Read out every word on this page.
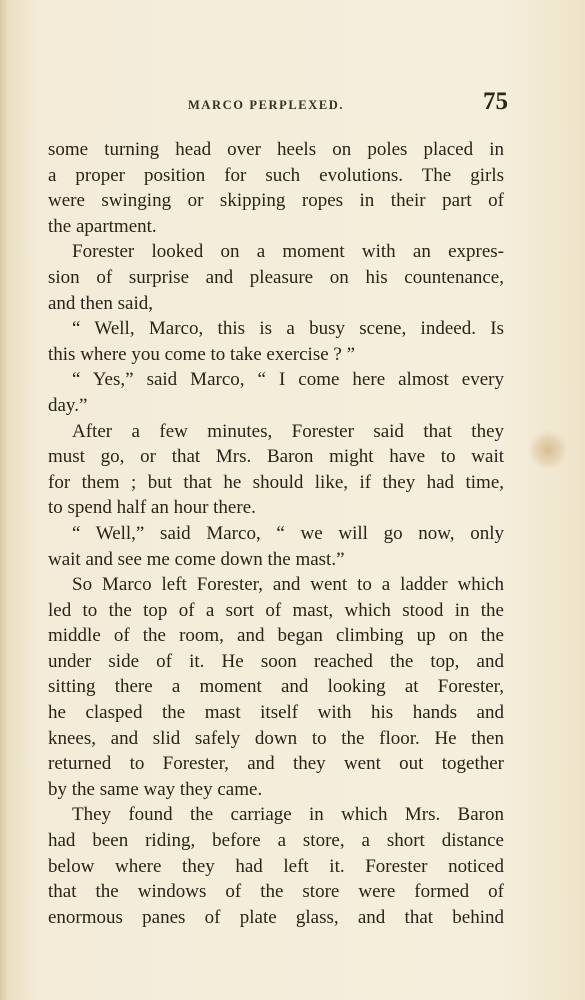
MARCO PERPLEXED.	75
some turning head over heels on poles placed in
a proper position for such evolutions. The girls
were swinging or skipping ropes in their part of
the apartment.
Forester looked on a moment with an expres-
sion of surprise and pleasure on his countenance,
and then said,
“ Well, Marco, this is a busy scene, indeed. Is
this where you come to take exercise ? ”
“ Yes,” said Marco, “ I come here almost every
day.”
After a few minutes, Forester said that they
must go, or that Mrs. Baron might have to wait
for them ; but that he should like, if they had time,
to spend half an hour there.
“ Well,” said Marco, “ we will go now, only
wait and see me come down the mast.”
So Marco left Forester, and went to a ladder which
led to the top of a sort of mast, which stood in the
middle of the room, and began climbing up on the
under side of it. He soon reached the top, and
sitting there a moment and looking at Forester,
he clasped the mast itself with his hands and
knees, and slid safely down to the floor. He then
returned to Forester, and they went out together
by the same way they came.
They found the carriage in which Mrs. Baron
had been riding, before a store, a short distance
below where they had left it. Forester noticed
that the windows of the store were formed of
enormous panes of plate glass, and that behind
